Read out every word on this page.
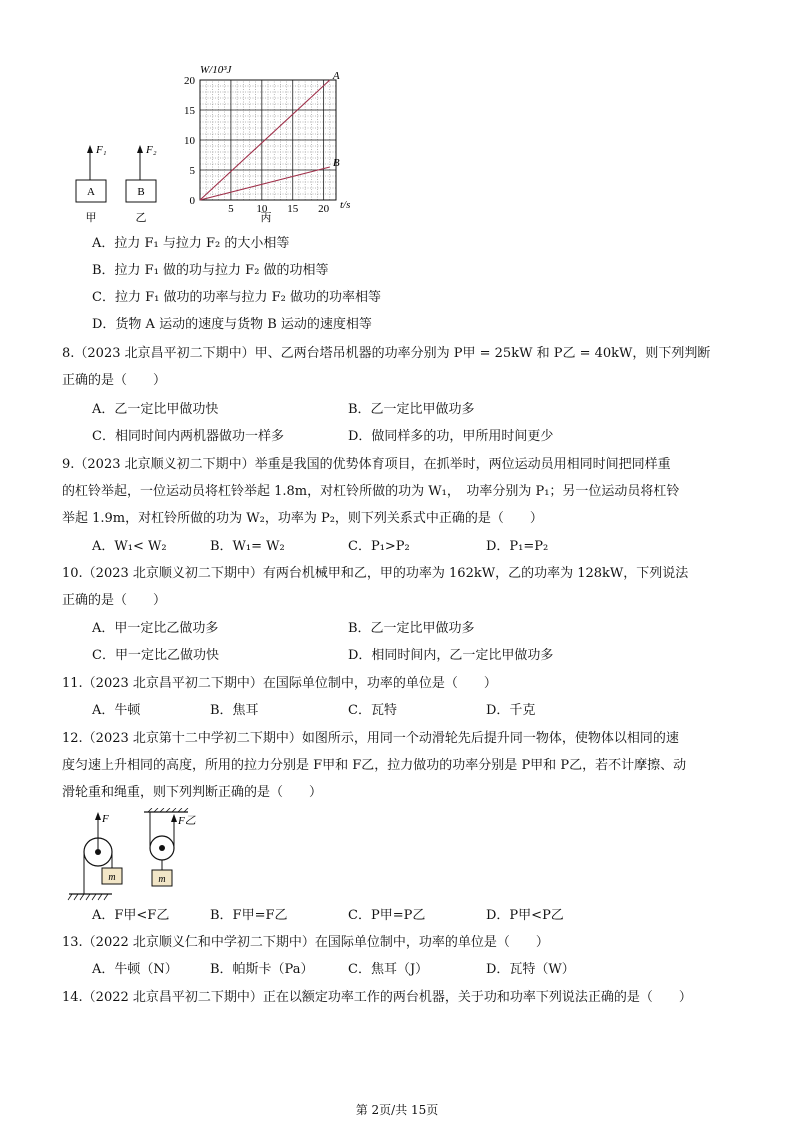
A
F₁
甲
B
F₂
乙
W/10³J
t/s
丙
5 10 15 20
0
5
10
15
20	A
B
A．拉力 F₁ 与拉力 F₂ 的大小相等
B．拉力 F₁ 做的功与拉力 F₂ 做的功相等
C．拉力 F₁ 做功的功率与拉力 F₂ 做功的功率相等
D．货物 A 运动的速度与货物 B 运动的速度相等
8.（2023 北京昌平初二下期中）甲、乙两台塔吊机器的功率分别为 P甲 = 25kW 和 P乙 = 40kW，则下列判断
正确的是（　　）
A．乙一定比甲做功快	B．乙一定比甲做功多
C．相同时间内两机器做功一样多	D．做同样多的功，甲所用时间更少
9.（2023 北京顺义初二下期中）举重是我国的优势体育项目，在抓举时，两位运动员用相同时间把同样重
的杠铃举起，一位运动员将杠铃举起 1.8m，对杠铃所做的功为 W₁，　功率分别为 P₁；另一位运动员将杠铃
举起 1.9m，对杠铃所做的功为 W₂，功率为 P₂，则下列关系式中正确的是（　　）
A．W₁< W₂	B．W₁= W₂	C．P₁>P₂	D．P₁=P₂
10.（2023 北京顺义初二下期中）有两台机械甲和乙，甲的功率为 162kW，乙的功率为 128kW，下列说法
正确的是（　　）
A．甲一定比乙做功多	B．乙一定比甲做功多
C．甲一定比乙做功快	D．相同时间内，乙一定比甲做功多
11.（2023 北京昌平初二下期中）在国际单位制中，功率的单位是（　　）
A．牛顿	B．焦耳	C．瓦特	D．千克
12.（2023 北京第十二中学初二下期中）如图所示，用同一个动滑轮先后提升同一物体，使物体以相同的速
度匀速上升相同的高度，所用的拉力分别是 F甲和 F乙，拉力做功的功率分别是 P甲和 P乙，若不计摩擦、动
滑轮重和绳重，则下列判断正确的是（　　）
F
m
F乙
m
A．F甲<F乙	B．F甲=F乙	C．P甲=P乙	D．P甲<P乙
13.（2022 北京顺义仁和中学初二下期中）在国际单位制中，功率的单位是（　　）
A．牛顿（N） B．帕斯卡（Pa）	C．焦耳（J）	D．瓦特（W）
14.（2022 北京昌平初二下期中）正在以额定功率工作的两台机器，关于功和功率下列说法正确的是（　　）
第 2页/共 15页
